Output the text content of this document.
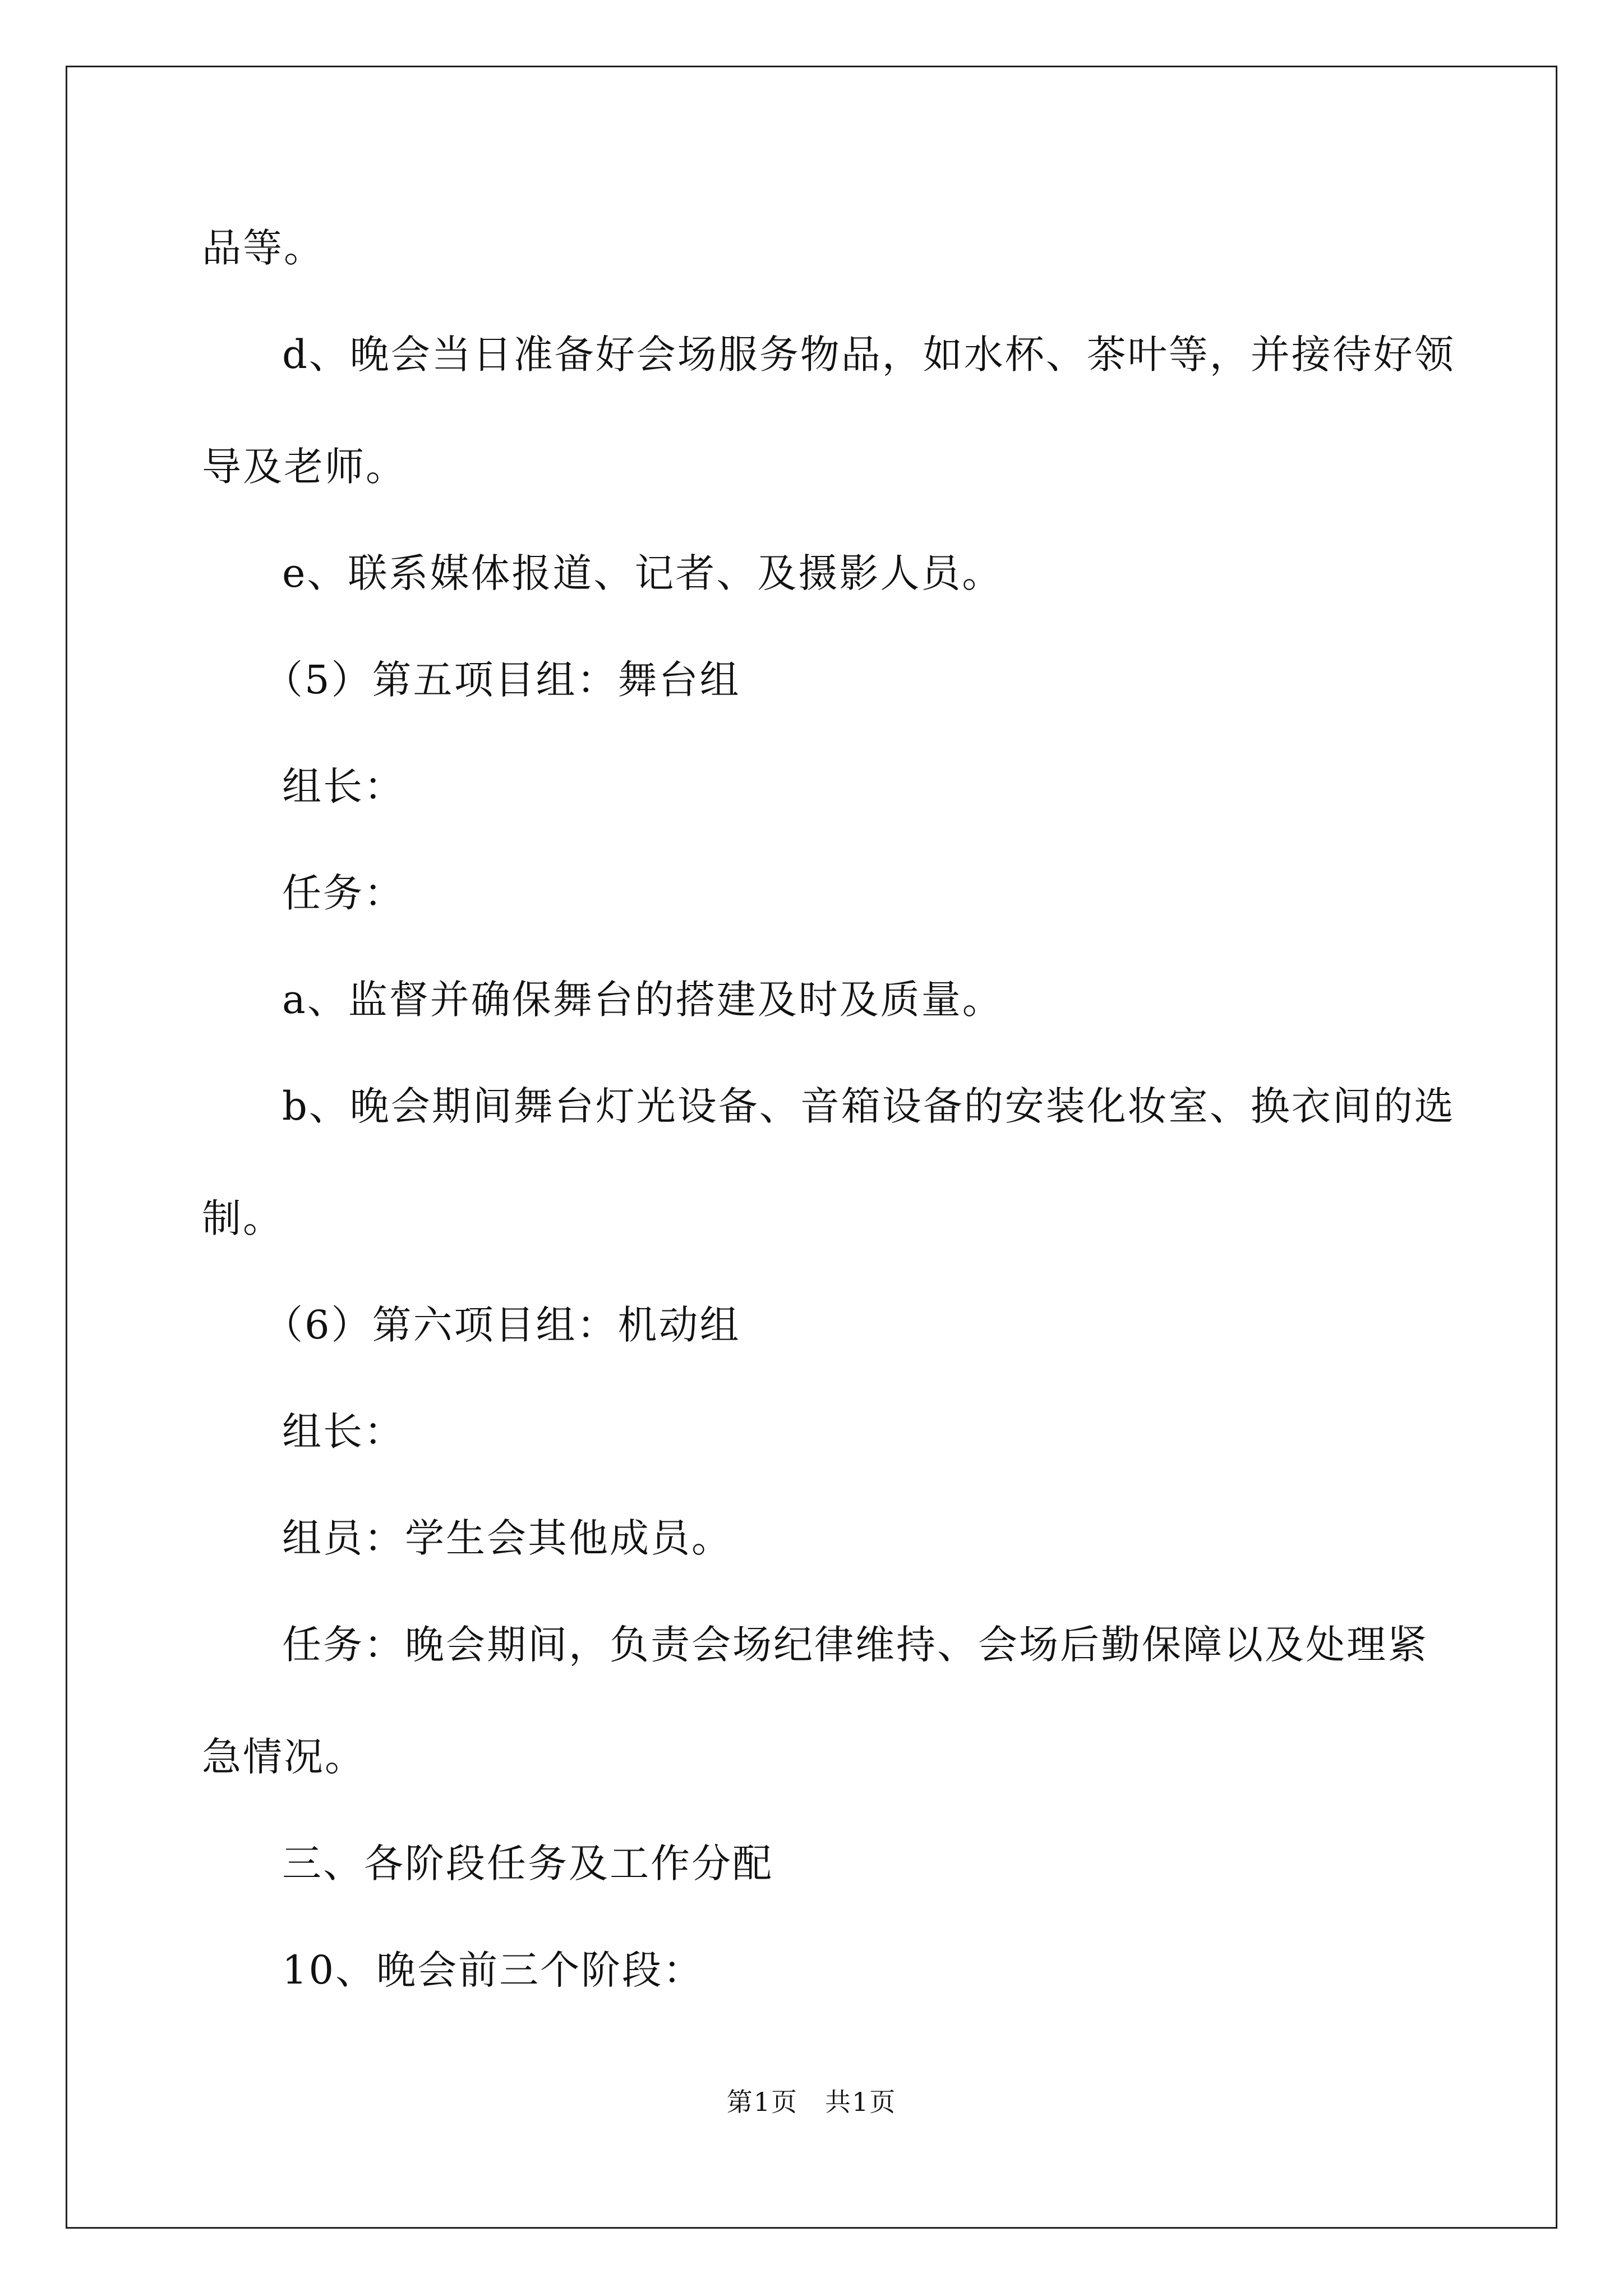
品等。
d、晚会当日准备好会场服务物品，如水杯、茶叶等，并接待好领
导及老师。
e、联系媒体报道、记者、及摄影人员。
（5）第五项目组：舞台组
组长：
任务：
a、监督并确保舞台的搭建及时及质量。
b、晚会期间舞台灯光设备、音箱设备的安装化妆室、换衣间的选
制。
（6）第六项目组：机动组
组长：
组员：学生会其他成员。
任务：晚会期间，负责会场纪律维持、会场后勤保障以及处理紧
急情况。
三、各阶段任务及工作分配
10、晚会前三个阶段：
第1页　共1页
